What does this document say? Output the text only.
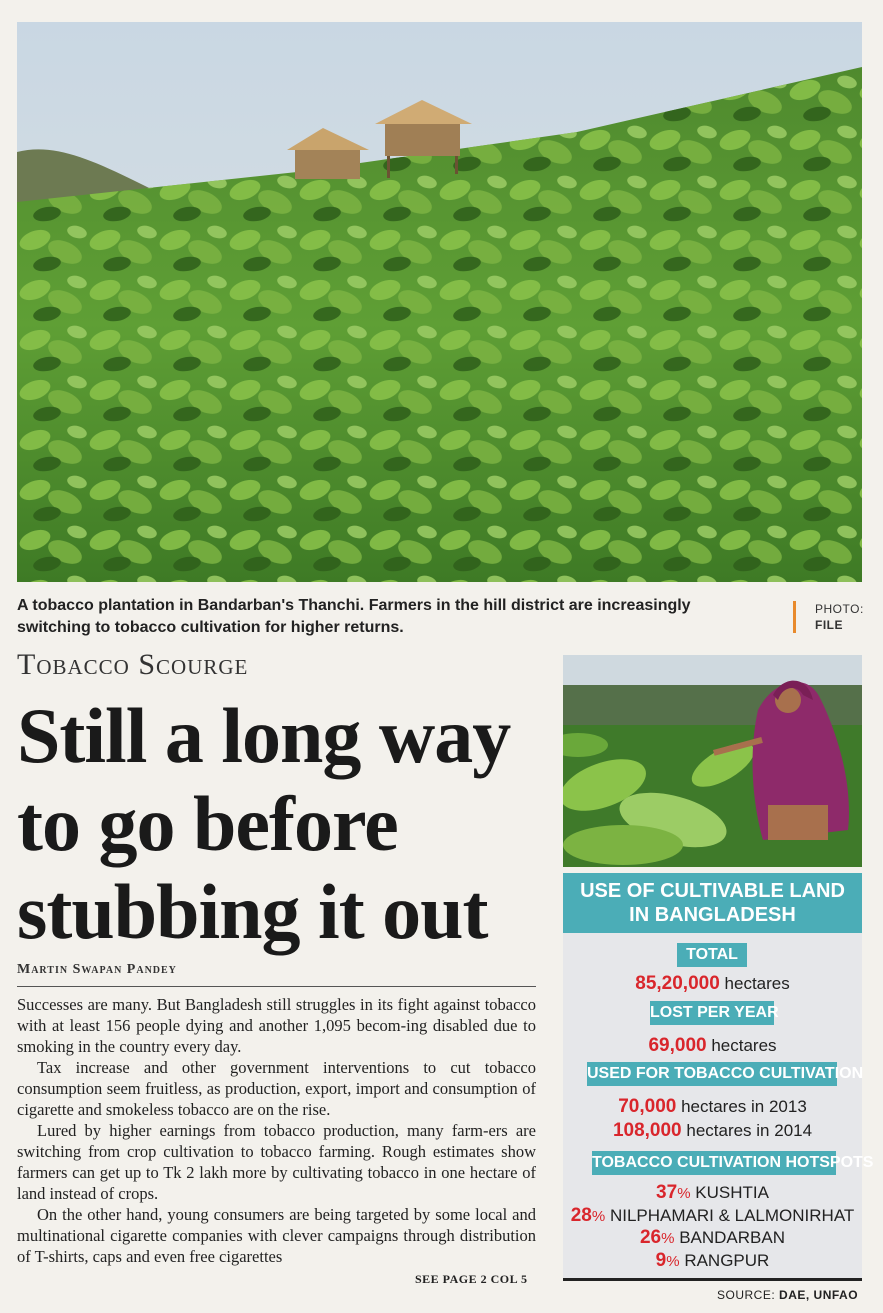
A tobacco plantation in Bandarban's Thanchi. Farmers in the hill district are increasingly
switching to tobacco cultivation for higher returns.
PHOTO:
FILE
Tobacco Scourge
Still a long way
to go before
stubbing it out
Martin Swapan Pandey

Successes are many. But Bangladesh still struggles in its fight against tobacco with at least 156 people dying and another 1,095 becom-ing disabled due to smoking in the country every day.

Tax increase and other government interventions to cut tobacco consumption seem fruitless, as production, export, import and consumption of cigarette and smokeless tobacco are on the rise.

Lured by higher earnings from tobacco production, many farm-ers are switching from crop cultivation to tobacco farming. Rough estimates show farmers can get up to Tk 2 lakh more by cultivating tobacco in one hectare of land instead of crops.

On the other hand, young consumers are being targeted by some local and multinational cigarette companies with clever campaigns through distribution of T-shirts, caps and even free cigarettes

SEE PAGE 2 COL 5
USE OF CULTIVABLE LAND
IN BANGLADESH
TOTAL
85,20,000 hectares
LOST PER YEAR
69,000 hectares
USED FOR TOBACCO CULTIVATION
70,000 hectares in 2013
108,000 hectares in 2014
TOBACCO CULTIVATION HOTSPOTS
37% KUSHTIA
28% NILPHAMARI & LALMONIRHAT
26% BANDARBAN
9% RANGPUR
SOURCE: DAE, UNFAO
